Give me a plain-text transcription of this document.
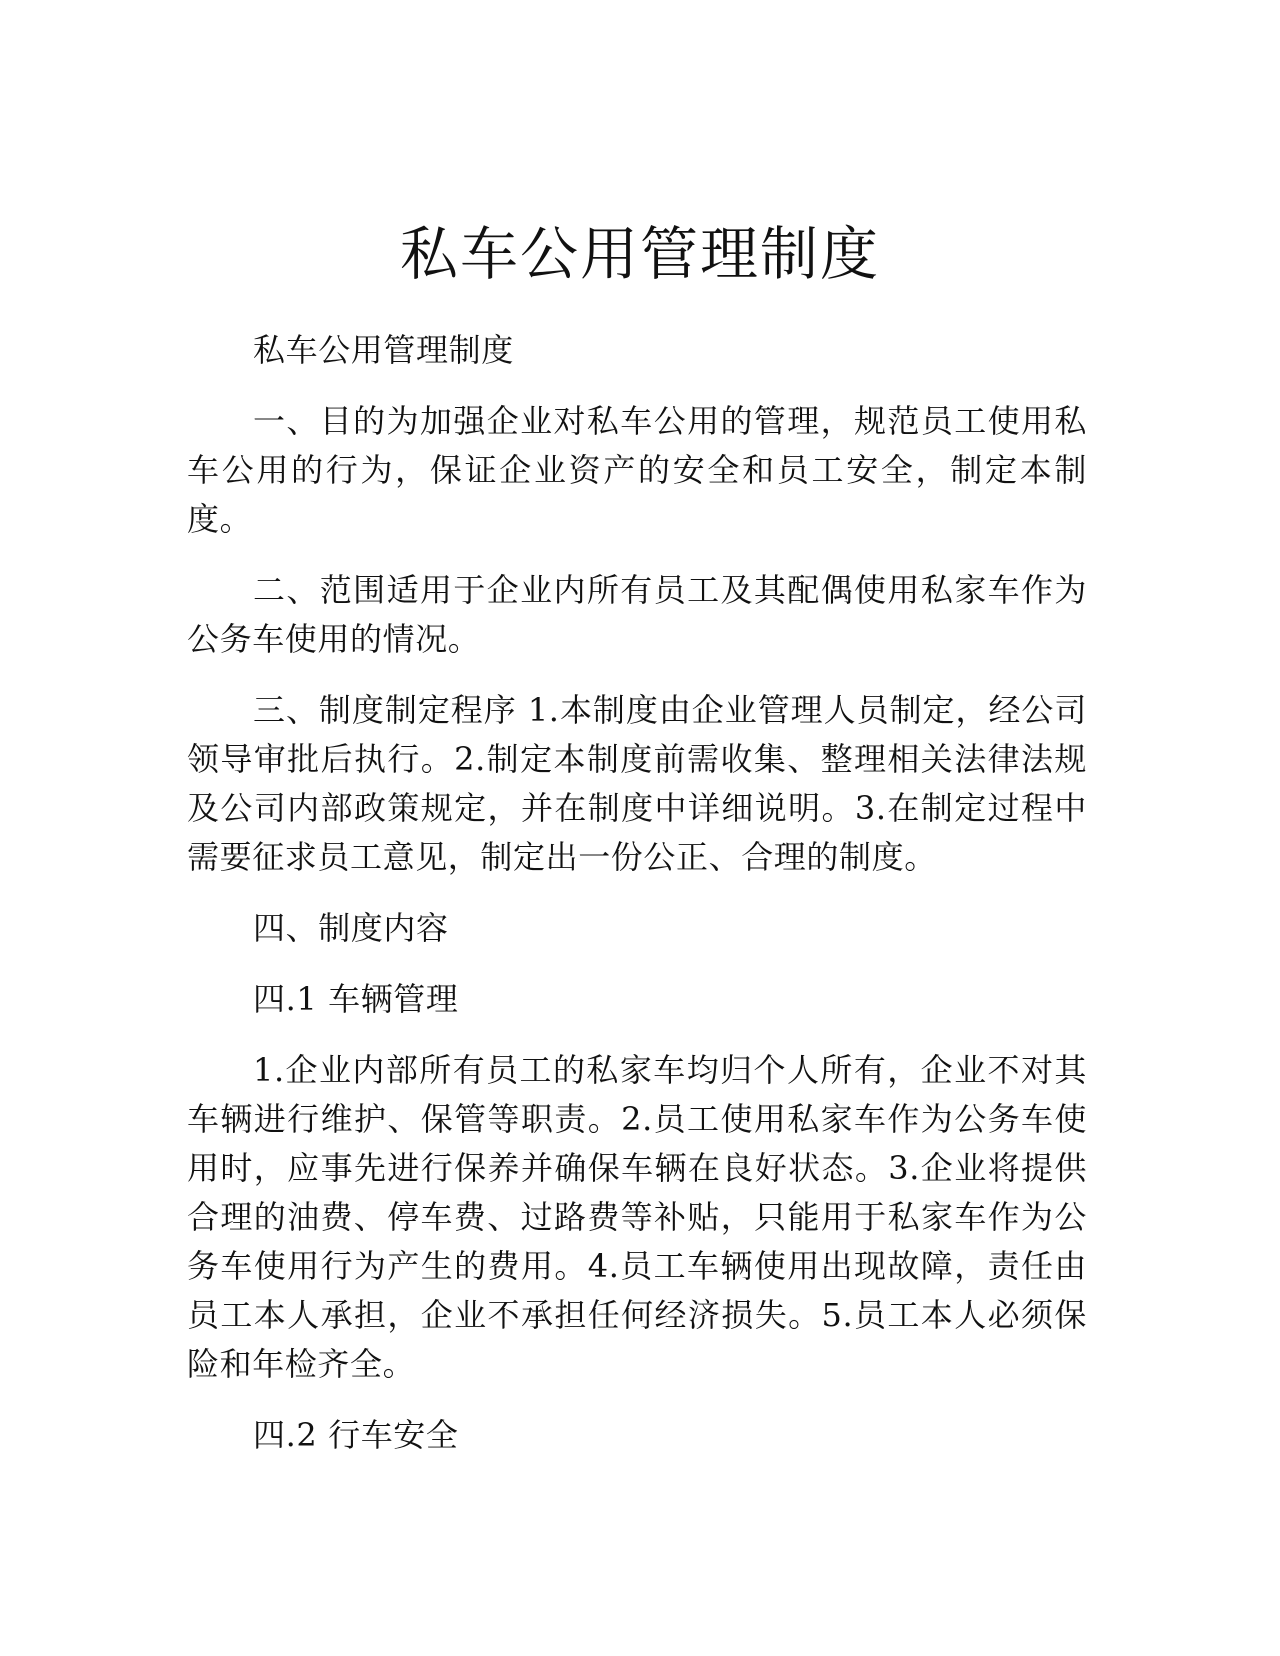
私车公用管理制度

私车公用管理制度

一、目的为加强企业对私车公用的管理，规范员工使用私车公用的行为，保证企业资产的安全和员工安全，制定本制度。

二、范围适用于企业内所有员工及其配偶使用私家车作为公务车使用的情况。

三、制度制定程序 1.本制度由企业管理人员制定，经公司领导审批后执行。2.制定本制度前需收集、整理相关法律法规及公司内部政策规定，并在制度中详细说明。3.在制定过程中需要征求员工意见，制定出一份公正、合理的制度。

四、制度内容

四.1 车辆管理

1.企业内部所有员工的私家车均归个人所有，企业不对其车辆进行维护、保管等职责。2.员工使用私家车作为公务车使用时，应事先进行保养并确保车辆在良好状态。3.企业将提供合理的油费、停车费、过路费等补贴，只能用于私家车作为公务车使用行为产生的费用。4.员工车辆使用出现故障，责任由员工本人承担，企业不承担任何经济损失。5.员工本人必须保险和年检齐全。

四.2 行车安全
